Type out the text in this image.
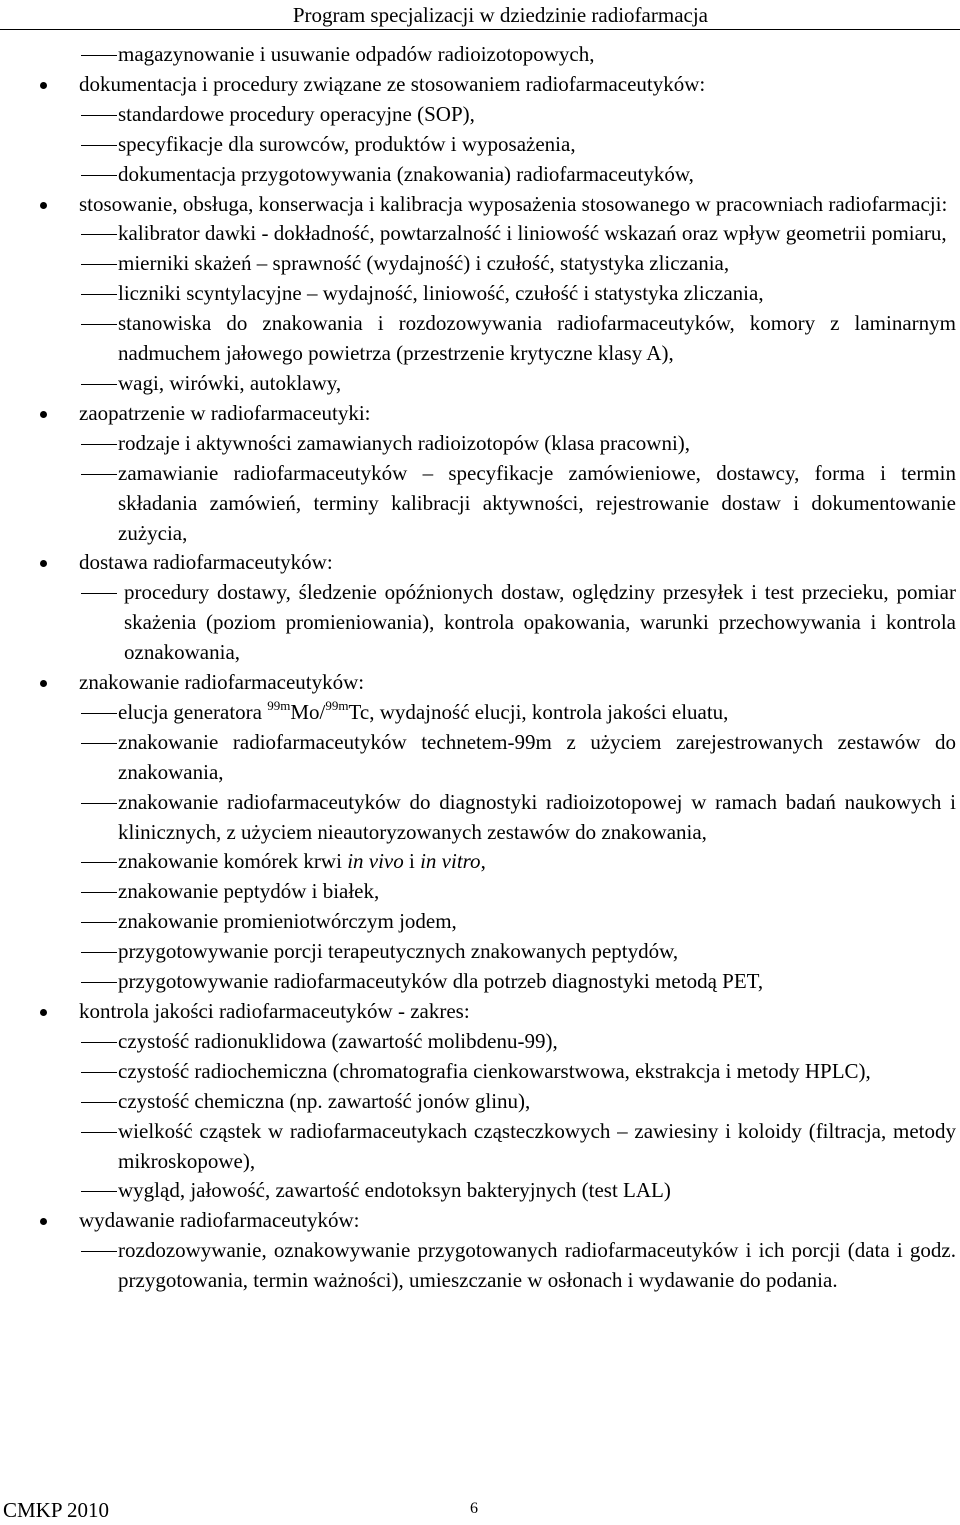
Program specjalizacji w dziedzinie radiofarmacja
magazynowanie i usuwanie odpadów radioizotopowych,
dokumentacja i procedury związane ze stosowaniem radiofarmaceutyków:
standardowe procedury operacyjne (SOP),
specyfikacje dla surowców, produktów i wyposażenia,
dokumentacja przygotowywania (znakowania) radiofarmaceutyków,
stosowanie, obsługa, konserwacja i kalibracja wyposażenia stosowanego w pracowniach radiofarmacji:
kalibrator dawki - dokładność, powtarzalność i liniowość wskazań oraz wpływ geometrii pomiaru,
mierniki skażeń – sprawność (wydajność) i czułość, statystyka zliczania,
liczniki scyntylacyjne – wydajność, liniowość, czułość i statystyka zliczania,
stanowiska do znakowania i rozdozowywania radiofarmaceutyków, komory z laminarnym nadmuchem jałowego powietrza (przestrzenie krytyczne klasy A),
wagi, wirówki, autoklawy,
zaopatrzenie w radiofarmaceutyki:
rodzaje i aktywności zamawianych radioizotopów (klasa pracowni),
zamawianie radiofarmaceutyków – specyfikacje zamówieniowe, dostawcy, forma i termin składania zamówień, terminy kalibracji aktywności, rejestrowanie dostaw i dokumentowanie zużycia,
dostawa radiofarmaceutyków:
procedury dostawy, śledzenie opóźnionych dostaw, oględziny przesyłek i test przecieku, pomiar skażenia (poziom promieniowania), kontrola opakowania, warunki przechowywania i kontrola oznakowania,
znakowanie radiofarmaceutyków:
elucja generatora $^{99m}$Mo/$^{99m}$Tc, wydajność elucji, kontrola jakości eluatu,
znakowanie radiofarmaceutyków technetem-99m z użyciem zarejestrowanych zestawów do znakowania,
znakowanie radiofarmaceutyków do diagnostyki radioizotopowej w ramach badań naukowych i klinicznych, z użyciem nieautoryzowanych zestawów do znakowania,
znakowanie komórek krwi in vivo i in vitro,
znakowanie peptydów i białek,
znakowanie promieniotwórczym jodem,
przygotowywanie porcji terapeutycznych znakowanych peptydów,
przygotowywanie radiofarmaceutyków dla potrzeb diagnostyki metodą PET,
kontrola jakości radiofarmaceutyków - zakres:
czystość radionuklidowa (zawartość molibdenu-99),
czystość radiochemiczna (chromatografia cienkowarstwowa, ekstrakcja i metody HPLC),
czystość chemiczna (np. zawartość jonów glinu),
wielkość cząstek w radiofarmaceutykach cząsteczkowych – zawiesiny i koloidy (filtracja, metody mikroskopowe),
wygląd, jałowość, zawartość endotoksyn bakteryjnych (test LAL)
wydawanie radiofarmaceutyków:
rozdozowywanie, oznakowywanie przygotowanych radiofarmaceutyków i ich porcji (data i godz. przygotowania, termin ważności), umieszczanie w osłonach i wydawanie do podania.
CMKP 2010	6
